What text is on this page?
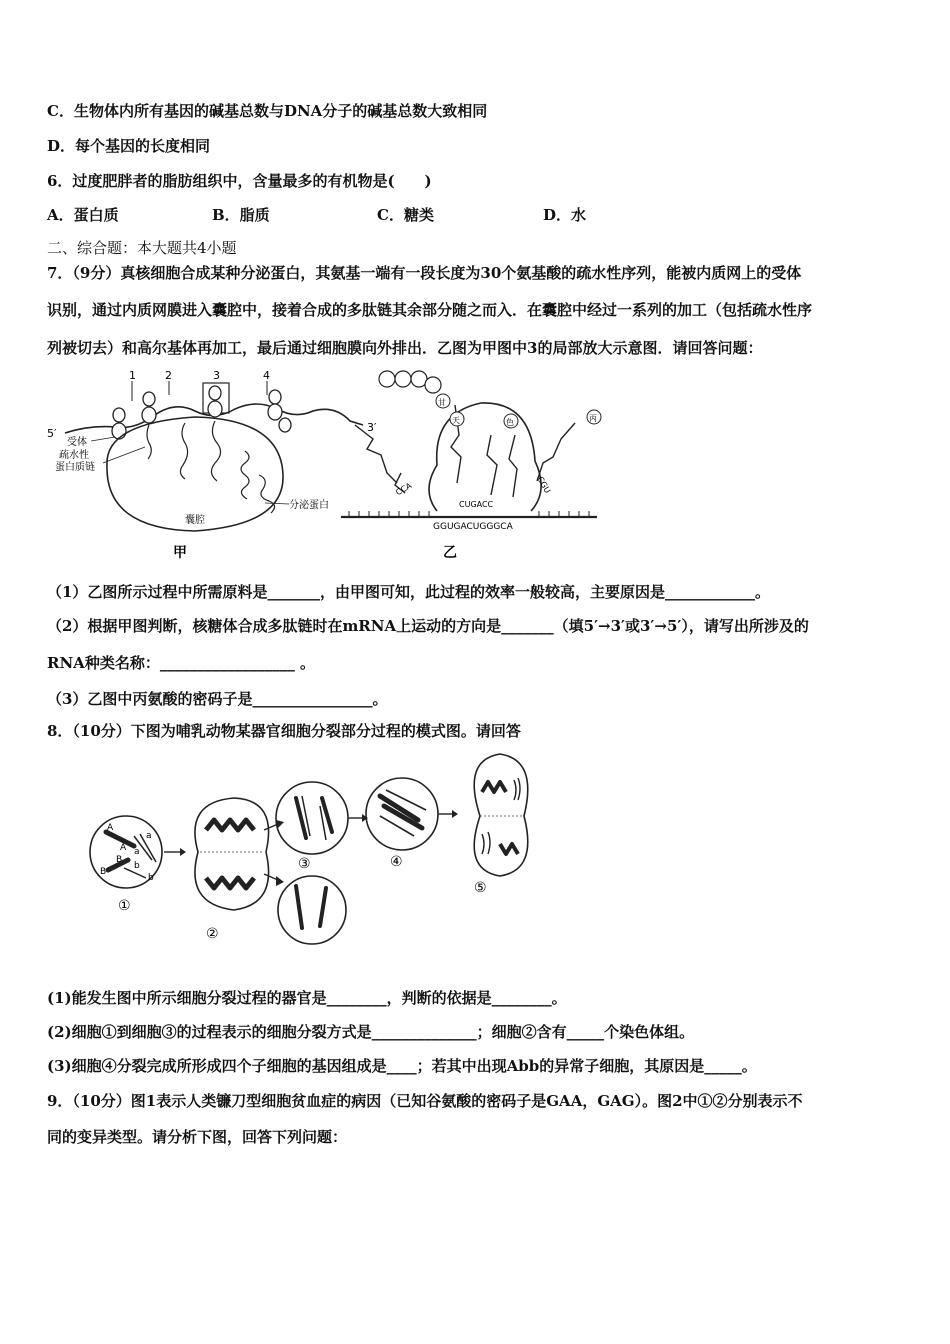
C．生物体内所有基因的碱基总数与DNA分子的碱基总数大致相同
D．每个基因的长度相同
6．过度肥胖者的脂肪组织中，含量最多的有机物是(　　)
A．蛋白质	B．脂质	C．糖类	D．水
二、综合题：本大题共4小题
7．（9分）真核细胞合成某种分泌蛋白，其氨基一端有一段长度为30个氨基酸的疏水性序列，能被内质网上的受体
识别，通过内质网膜进入囊腔中，接着合成的多肽链其余部分随之而入．在囊腔中经过一系列的加工（包括疏水性序
列被切去）和高尔基体再加工，最后通过细胞膜向外排出．乙图为甲图中3的局部放大示意图．请回答问题：
5′	3′
1	2	3	4
受体
疏水性
蛋白质链
分泌蛋白
囊腔
甲
甘
天	色	丙
CCA
CUGACC
CGU
GGUGACUGGGCA
乙
（1）乙图所示过程中所需原料是_______，由甲图可知，此过程的效率一般较高，主要原因是____________。
（2）根据甲图判断，核糖体合成多肽链时在mRNA上运动的方向是_______（填5′→3′或3′→5′），请写出所涉及的
RNA种类名称：__________________ 。
（3）乙图中丙氨酸的密码子是________________。
8．（10分）下图为哺乳动物某器官细胞分裂部分过程的模式图。请回答
A
A
a
a
B
B
b
b
①
②
③	④
⑤
(1)能发生图中所示细胞分裂过程的器官是________，判断的依据是________。
(2)细胞①到细胞③的过程表示的细胞分裂方式是______________；细胞②含有_____个染色体组。
(3)细胞④分裂完成所形成四个子细胞的基因组成是____；若其中出现Abb的异常子细胞，其原因是_____。
9．（10分）图1表示人类镰刀型细胞贫血症的病因（已知谷氨酸的密码子是GAA，GAG）。图2中①②分别表示不
同的变异类型。请分析下图，回答下列问题：
